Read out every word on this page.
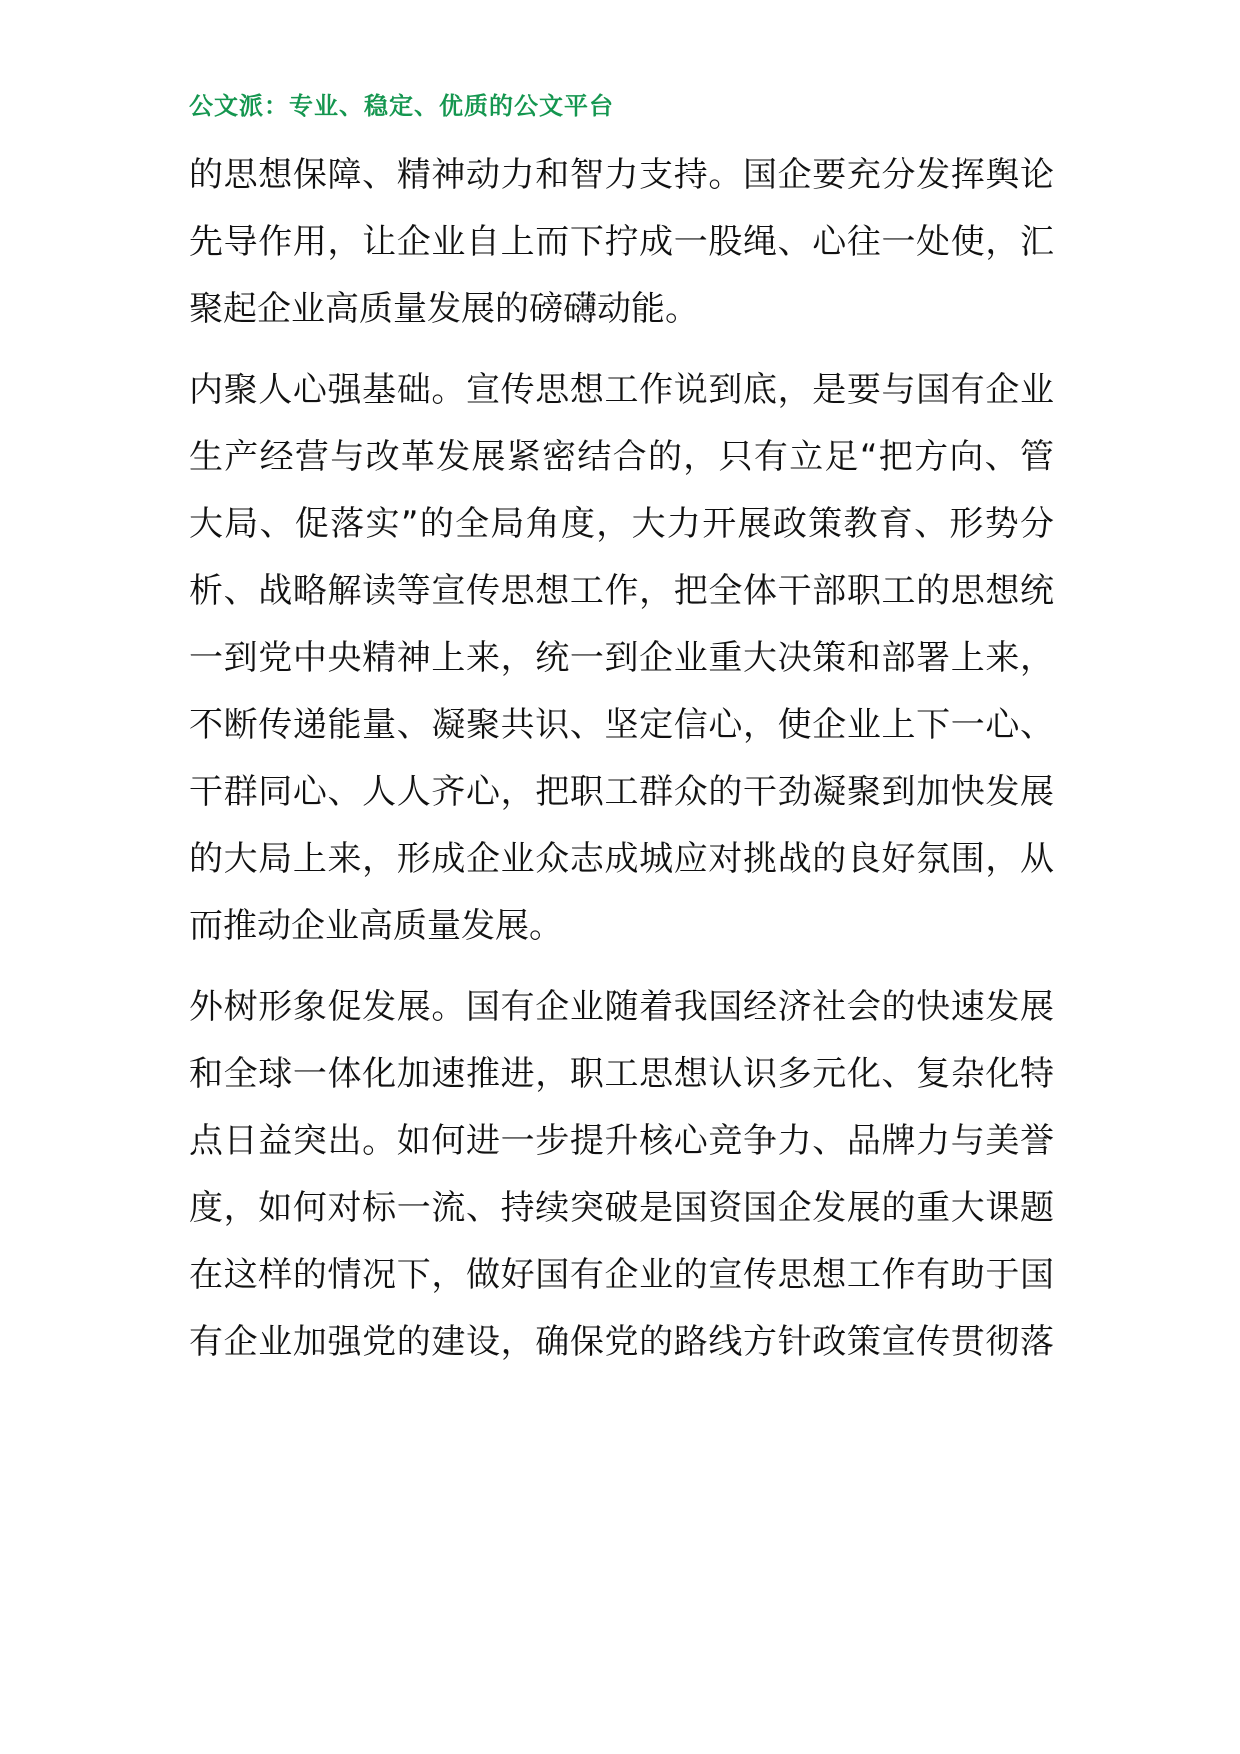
公文派：专业、稳定、优质的公文平台
的思想保障、精神动力和智力支持。国企要充分发挥舆论
先导作用，让企业自上而下拧成一股绳、心往一处使，汇
聚起企业高质量发展的磅礴动能。
内聚人心强基础。宣传思想工作说到底，是要与国有企业
生产经营与改革发展紧密结合的，只有立足“把方向、管
大局、促落实”的全局角度，大力开展政策教育、形势分
析、战略解读等宣传思想工作，把全体干部职工的思想统
一到党中央精神上来，统一到企业重大决策和部署上来，
不断传递能量、凝聚共识、坚定信心，使企业上下一心、
干群同心、人人齐心，把职工群众的干劲凝聚到加快发展
的大局上来，形成企业众志成城应对挑战的良好氛围，从
而推动企业高质量发展。
外树形象促发展。国有企业随着我国经济社会的快速发展
和全球一体化加速推进，职工思想认识多元化、复杂化特
点日益突出。如何进一步提升核心竞争力、品牌力与美誉
度，如何对标一流、持续突破是国资国企发展的重大课题
在这样的情况下，做好国有企业的宣传思想工作有助于国
有企业加强党的建设，确保党的路线方针政策宣传贯彻落
